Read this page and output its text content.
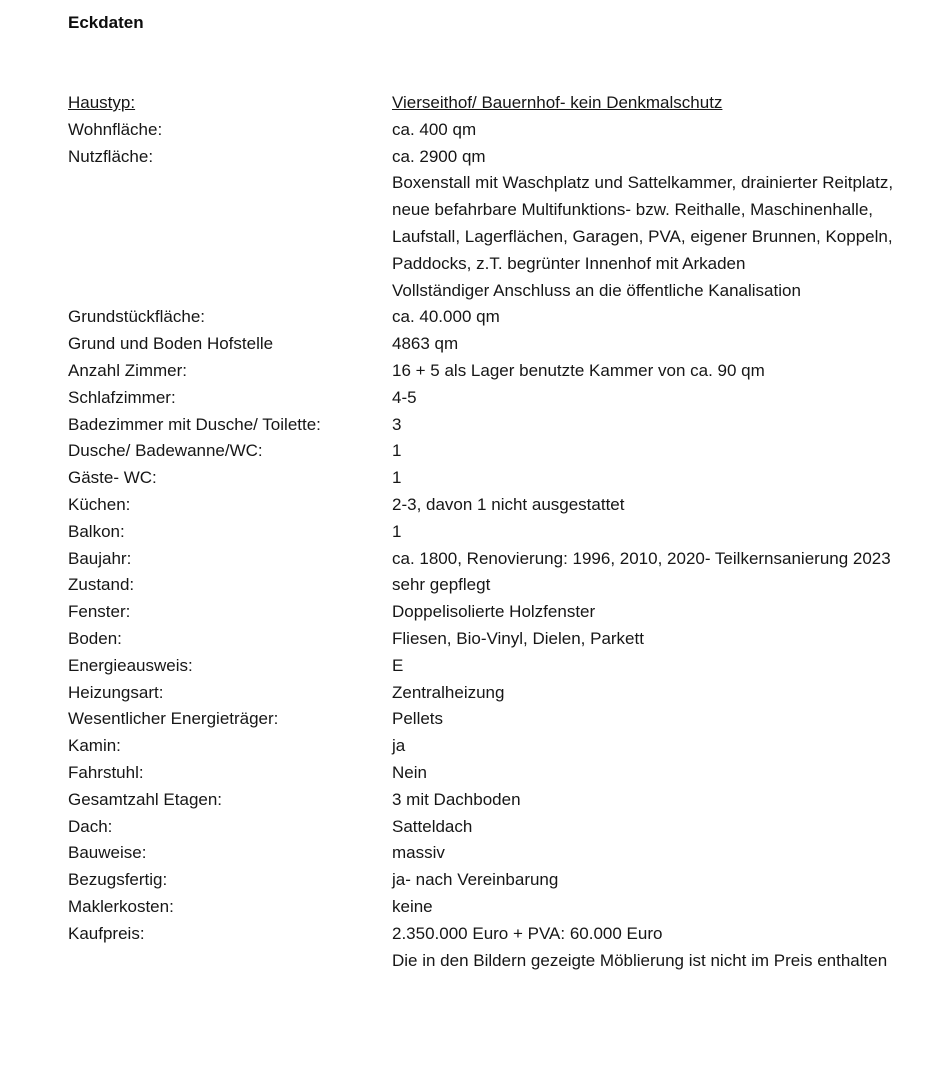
Eckdaten
Haustyp:	Vierseithof/ Bauernhof- kein Denkmalschutz
Wohnfläche:	ca. 400 qm
Nutzfläche:	ca. 2900 qm
Boxenstall mit Waschplatz und Sattelkammer, drainierter Reitplatz, neue befahrbare Multifunktions- bzw. Reithalle, Maschinenhalle, Laufstall, Lagerflächen, Garagen, PVA, eigener Brunnen, Koppeln, Paddocks, z.T. begrünter Innenhof mit Arkaden
Vollständiger Anschluss an die öffentliche Kanalisation
Grundstückfläche:	ca. 40.000 qm
Grund und Boden Hofstelle	4863 qm
Anzahl Zimmer:	16 + 5 als Lager benutzte Kammer von ca. 90 qm
Schlafzimmer:	4-5
Badezimmer mit Dusche/ Toilette:	3
Dusche/ Badewanne/WC:	1
Gäste- WC:	1
Küchen:	2-3, davon 1 nicht ausgestattet
Balkon:	1
Baujahr:	ca. 1800, Renovierung: 1996, 2010, 2020- Teilkernsanierung 2023
Zustand:	sehr gepflegt
Fenster:	Doppelisolierte Holzfenster
Boden:	Fliesen, Bio-Vinyl, Dielen, Parkett
Energieausweis:	E
Heizungsart:	Zentralheizung
Wesentlicher Energieträger:	Pellets
Kamin:	ja
Fahrstuhl:	Nein
Gesamtzahl Etagen:	3 mit Dachboden
Dach:	Satteldach
Bauweise:	massiv
Bezugsfertig:	ja- nach Vereinbarung
Maklerkosten:	keine
Kaufpreis:	2.350.000 Euro + PVA: 60.000 Euro
Die in den Bildern gezeigte Möblierung ist nicht im Preis enthalten
